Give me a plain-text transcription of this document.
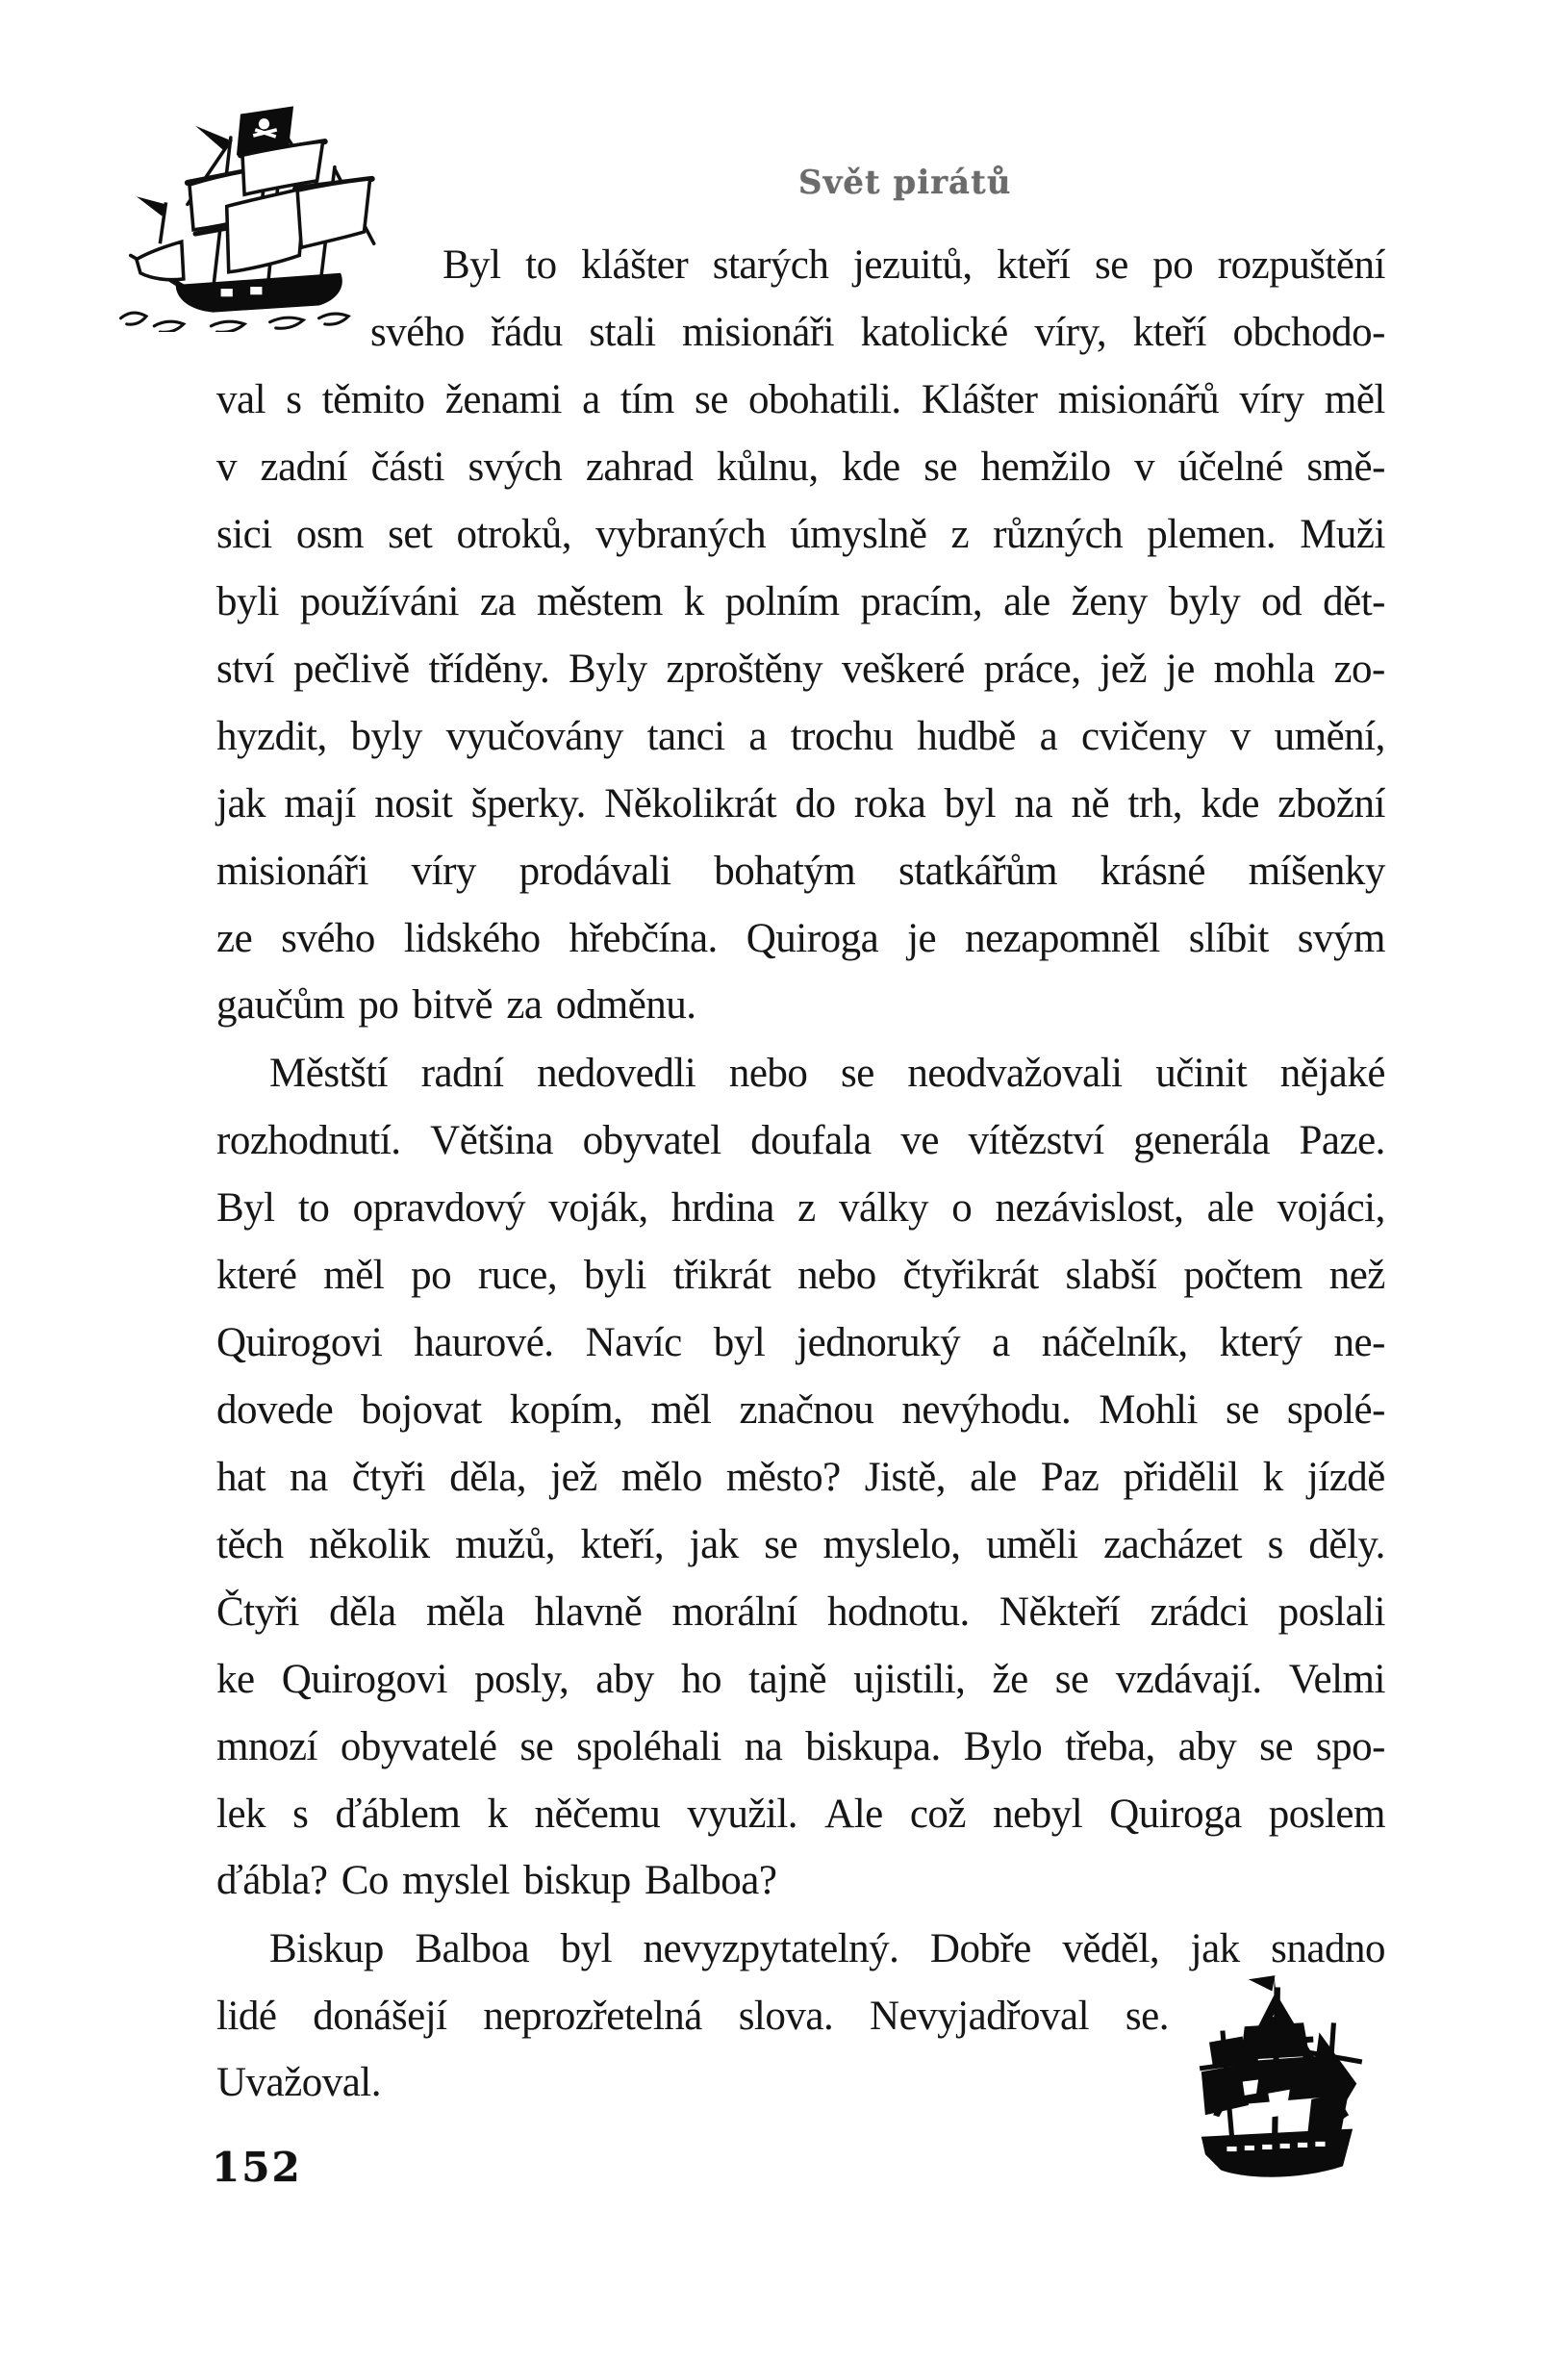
Svět pirátů
Byl to klášter starých jezuitů, kteří se po rozpuštění
svého řádu stali misionáři katolické víry, kteří obchodo-
val s těmito ženami a tím se obohatili. Klášter misionářů víry měl
v zadní části svých zahrad kůlnu, kde se hemžilo v účelné smě-
sici osm set otroků, vybraných úmyslně z různých plemen. Muži
byli používáni za městem k polním pracím, ale ženy byly od dět-
ství pečlivě tříděny. Byly zproštěny veškeré práce, jež je mohla zo-
hyzdit, byly vyučovány tanci a trochu hudbě a cvičeny v umění,
jak mají nosit šperky. Několikrát do roka byl na ně trh, kde zbožní
misionáři víry prodávali bohatým statkářům krásné míšenky
ze svého lidského hřebčína. Quiroga je nezapomněl slíbit svým
gaučům po bitvě za odměnu.
Městští radní nedovedli nebo se neodvažovali učinit nějaké
rozhodnutí. Většina obyvatel doufala ve vítězství generála Paze.
Byl to opravdový voják, hrdina z války o nezávislost, ale vojáci,
které měl po ruce, byli třikrát nebo čtyřikrát slabší počtem než
Quirogovi haurové. Navíc byl jednoruký a náčelník, který ne-
dovede bojovat kopím, měl značnou nevýhodu. Mohli se spolé-
hat na čtyři děla, jež mělo město? Jistě, ale Paz přidělil k jízdě
těch několik mužů, kteří, jak se myslelo, uměli zacházet s děly.
Čtyři děla měla hlavně morální hodnotu. Někteří zrádci poslali
ke Quirogovi posly, aby ho tajně ujistili, že se vzdávají. Velmi
mnozí obyvatelé se spoléhali na biskupa. Bylo třeba, aby se spo-
lek s ďáblem k něčemu využil. Ale což nebyl Quiroga poslem
ďábla? Co myslel biskup Balboa?
Biskup Balboa byl nevyzpytatelný. Dobře věděl, jak snadno
lidé donášejí neprozřetelná slova. Nevyjadřoval se.
Uvažoval.
152
